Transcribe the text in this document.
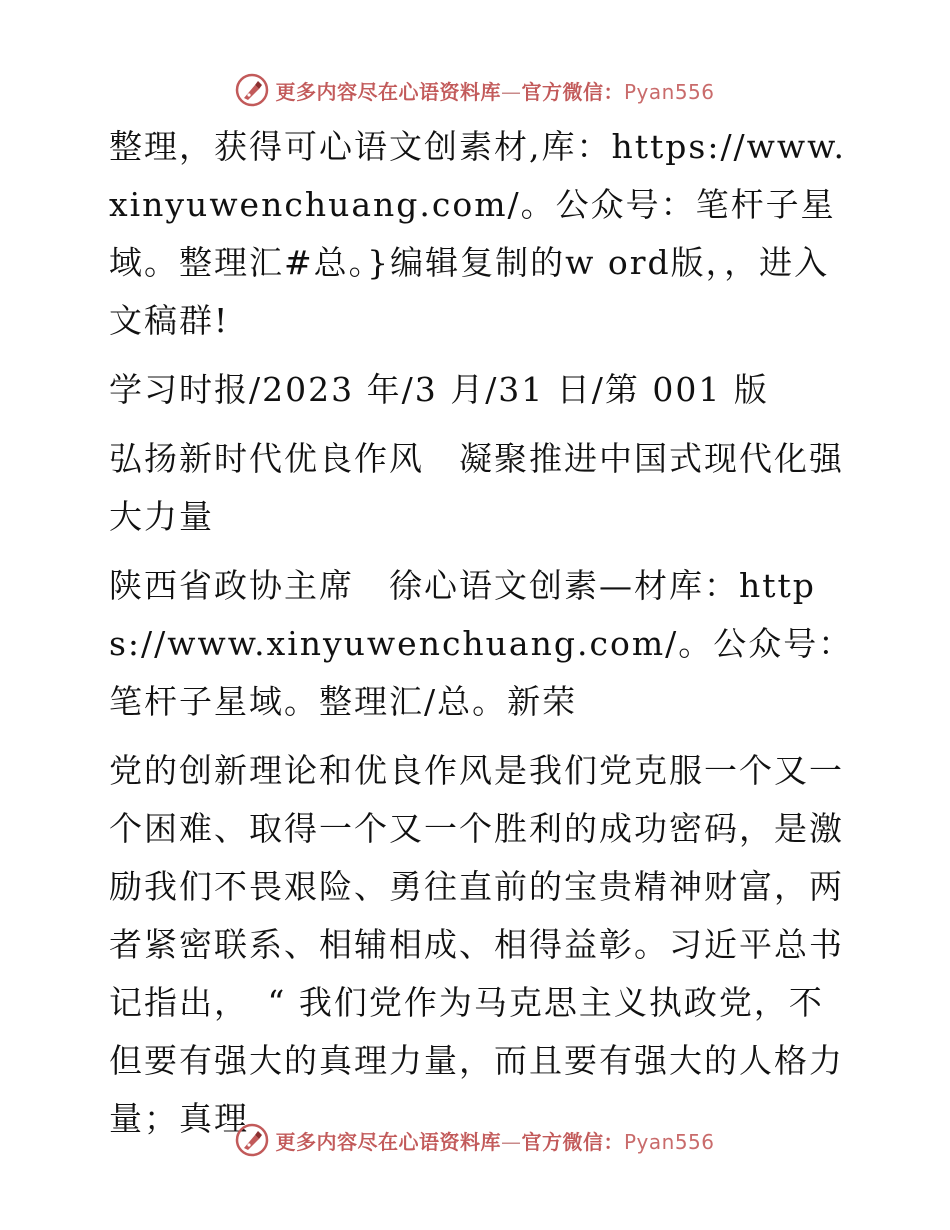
更多内容尽在心语资料库—官方微信：Pyan556

整理，获得可心语文创素材,库：https://www.xinyuwenchuang.com/。公众号：笔杆子星域。整理汇#总。}编辑复制的w ord版，，进入文稿群!

学习时报/2023 年/3 月/31 日/第 001 版

弘扬新时代优良作风　凝聚推进中国式现代化强大力量

陕西省政协主席　徐心语文创素—材库：https://www.xinyuwenchuang.com/。公众号：笔杆子星域。整理汇/总。新荣

党的创新理论和优良作风是我们党克服一个又一个困难、取得一个又一个胜利的成功密码，是激励我们不畏艰险、勇往直前的宝贵精神财富，两者紧密联系、相辅相成、相得益彰。习近平总书记指出，　“ 我们党作为马克思主义执政党，不但要有强大的真理力量，而且要有强大的人格力量；真理

更多内容尽在心语资料库—官方微信：Pyan556
